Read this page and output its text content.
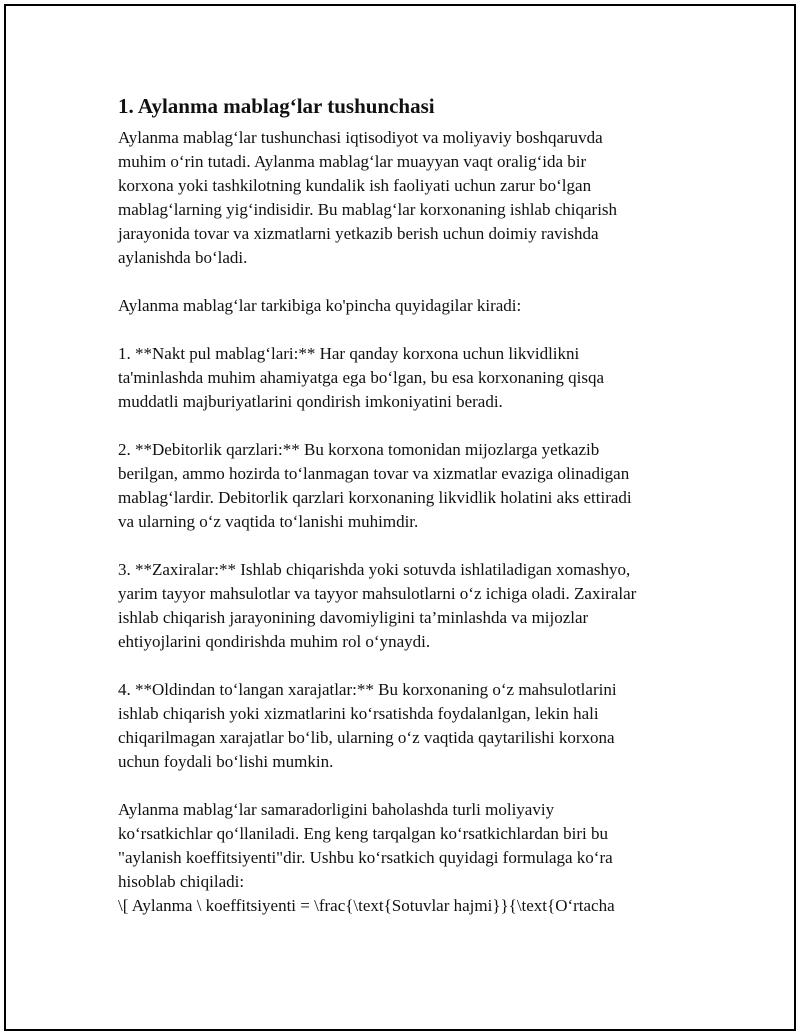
1. Aylanma mablag‘lar tushunchasi

Aylanma mablag‘lar tushunchasi iqtisodiyot va moliyaviy boshqaruvda
muhim o‘rin tutadi. Aylanma mablag‘lar muayyan vaqt oralig‘ida bir
korxona yoki tashkilotning kundalik ish faoliyati uchun zarur bo‘lgan
mablag‘larning yig‘indisidir. Bu mablag‘lar korxonaning ishlab chiqarish
jarayonida tovar va xizmatlarni yetkazib berish uchun doimiy ravishda
aylanishda bo‘ladi.

Aylanma mablag‘lar tarkibiga ko'pincha quyidagilar kiradi:

1. **Nakt pul mablag‘lari:** Har qanday korxona uchun likvidlikni
ta'minlashda muhim ahamiyatga ega bo‘lgan, bu esa korxonaning qisqa
muddatli majburiyatlarini qondirish imkoniyatini beradi.

2. **Debitorlik qarzlari:** Bu korxona tomonidan mijozlarga yetkazib
berilgan, ammo hozirda to‘lanmagan tovar va xizmatlar evaziga olinadigan
mablag‘lardir. Debitorlik qarzlari korxonaning likvidlik holatini aks ettiradi
va ularning o‘z vaqtida to‘lanishi muhimdir.

3. **Zaxiralar:** Ishlab chiqarishda yoki sotuvda ishlatiladigan xomashyo,
yarim tayyor mahsulotlar va tayyor mahsulotlarni o‘z ichiga oladi. Zaxiralar
ishlab chiqarish jarayonining davomiyligini ta’minlashda va mijozlar
ehtiyojlarini qondirishda muhim rol o‘ynaydi.

4. **Oldindan to‘langan xarajatlar:** Bu korxonaning o‘z mahsulotlarini
ishlab chiqarish yoki xizmatlarini ko‘rsatishda foydalanlgan, lekin hali
chiqarilmagan xarajatlar bo‘lib, ularning o‘z vaqtida qaytarilishi korxona
uchun foydali bo‘lishi mumkin.

Aylanma mablag‘lar samaradorligini baholashda turli moliyaviy
ko‘rsatkichlar qo‘llaniladi. Eng keng tarqalgan ko‘rsatkichlardan biri bu
"aylanish koeffitsiyenti"dir. Ushbu ko‘rsatkich quyidagi formulaga ko‘ra
hisoblab chiqiladi:
\[ Aylanma \ koeffitsiyenti = \frac{\text{Sotuvlar hajmi}}{\text{O‘rtacha
